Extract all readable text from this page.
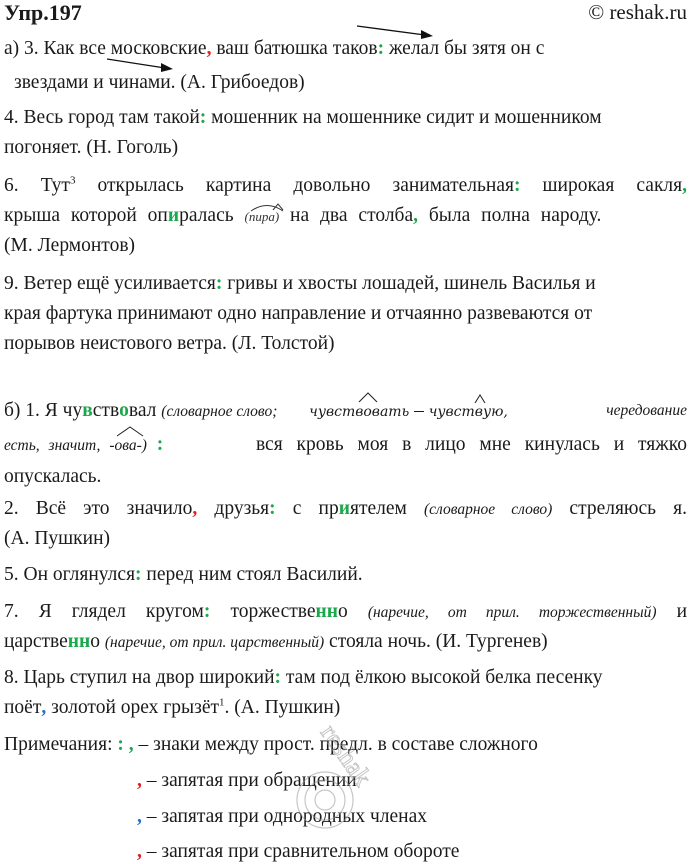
Упр.197	© reshak.ru
а) 3. Как все московские, ваш батюшка таков: желал бы зятя он с
звездами и чинами. (А. Грибоедов)
4. Весь город там такой: мошенник на мошеннике сидит и мошенником
погоняет. (Н. Гоголь)
6. Тут$^3$ открылась картина довольно занимательная: широкая сакля,
крыша которой опиралась
(пира) на два столба, была полна народу.
(М. Лермонтов)
9. Ветер ещё усиливается: гривы и хвосты лошадей, шинель Василья и
края фартука принимают одно направление и отчаянно развеваются от
порывов неистового ветра. (Л. Толстой)
б) 1. Я чувствовал (словарное слово; чувствовать –
чувствую,	чередование
есть, значит,
-ова-) :	вся кровь моя в лицо мне кинулась и тяжко
опускалась.
2. Всё это значило, друзья: с приятелем (словарное слово) стреляюсь я.
(А. Пушкин)
5. Он оглянулся: перед ним стоял Василий.
7. Я глядел кругом: торжественно (наречие, от прил. торжественный) и
царственно (наречие, от прил. царственный) стояла ночь. (И. Тургенев)
8. Царь ступил на двор широкий: там под ёлкою высокой белка песенку
поёт, золотой орех грызёт$^1$. (А. Пушкин)
Примечания: : , – знаки между прост. предл. в составе сложного
, – запятая при обращении
, – запятая при однородных членах
, – запятая при сравнительном обороте
reshak
